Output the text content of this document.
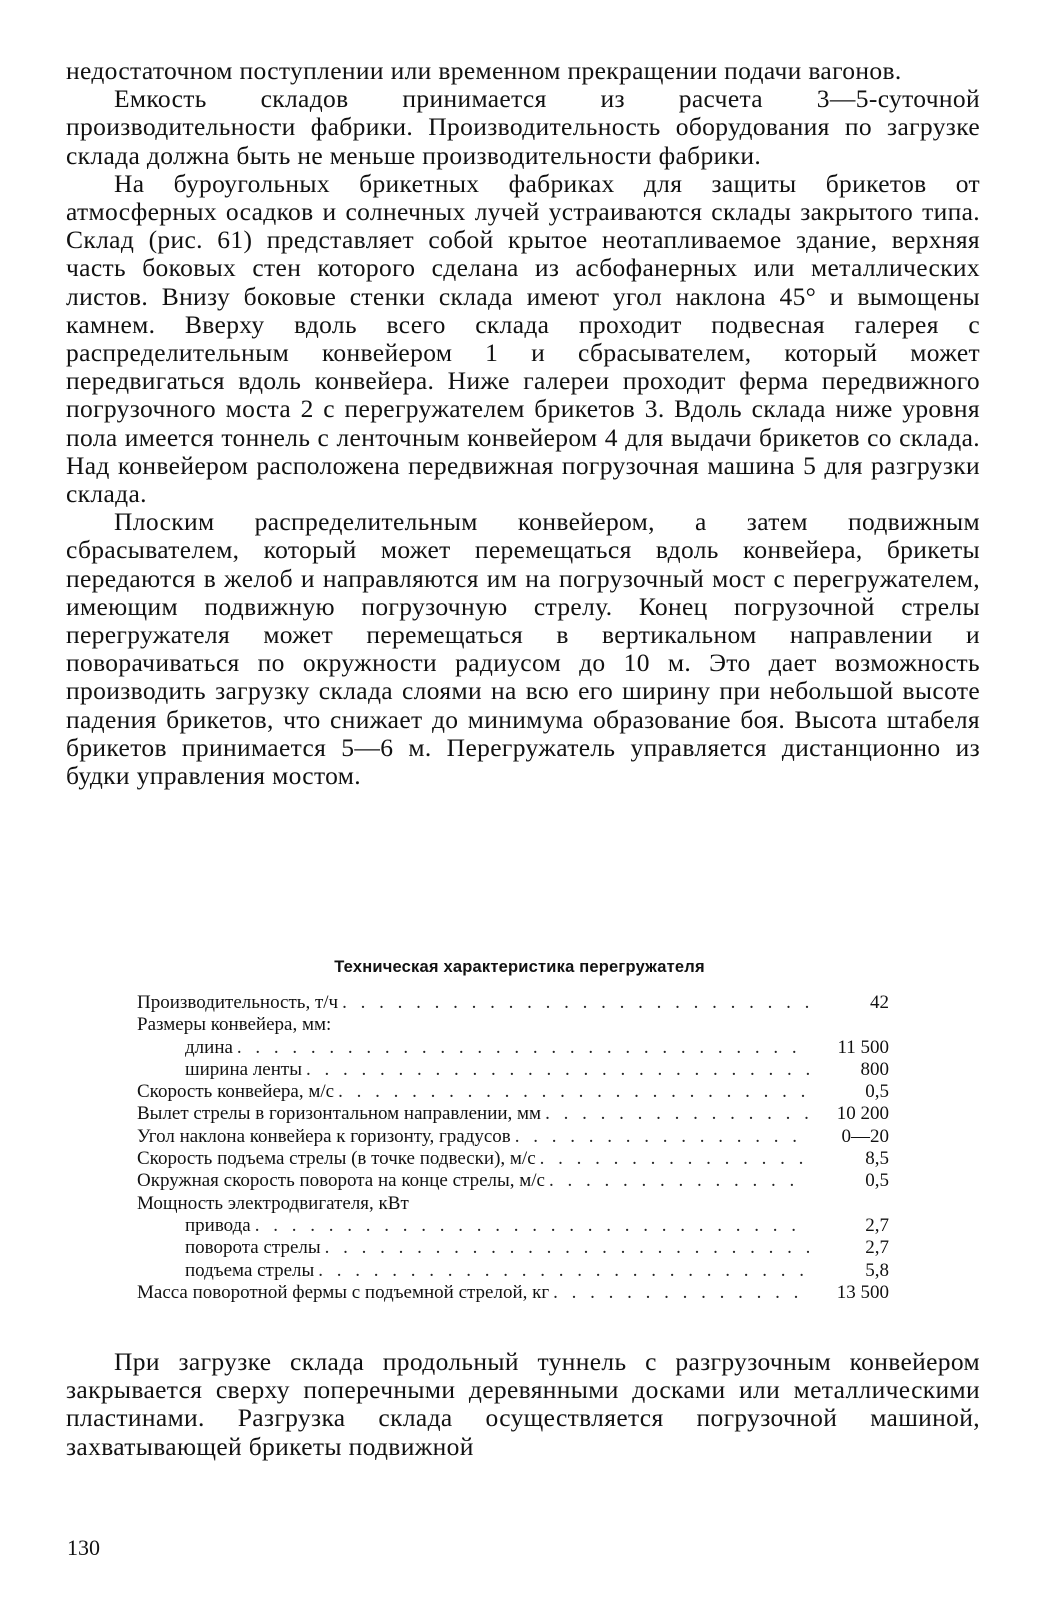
недостаточном поступлении или временном прекращении подачи вагонов.

Емкость складов принимается из расчета 3—5-суточной производительности фабрики. Производительность оборудования по загрузке склада должна быть не меньше производительности фабрики.

На буроугольных брикетных фабриках для защиты брикетов от атмосферных осадков и солнечных лучей устраиваются склады закрытого типа. Склад (рис. 61) представляет собой крытое неотапливаемое здание, верхняя часть боковых стен которого сделана из асбофанерных или металлических листов. Внизу боковые стенки склада имеют угол наклона 45° и вымощены камнем. Вверху вдоль всего склада проходит подвесная галерея с распределительным конвейером 1 и сбрасывателем, который может передвигаться вдоль конвейера. Ниже галереи проходит ферма передвижного погрузочного моста 2 с перегружателем брикетов 3. Вдоль склада ниже уровня пола имеется тоннель с ленточным конвейером 4 для выдачи брикетов со склада. Над конвейером расположена передвижная погрузочная машина 5 для разгрузки склада.

Плоским распределительным конвейером, а затем подвижным сбрасывателем, который может перемещаться вдоль конвейера, брикеты передаются в желоб и направляются им на погрузочный мост с перегружателем, имеющим подвижную погрузочную стрелу. Конец погрузочной стрелы перегружателя может перемещаться в вертикальном направлении и поворачиваться по окружности радиусом до 10 м. Это дает возможность производить загрузку склада слоями на всю его ширину при небольшой высоте падения брикетов, что снижает до минимума образование боя. Высота штабеля брикетов принимается 5—6 м. Перегружатель управляется дистанционно из будки управления мостом.

Техническая характеристика перегружателя
Производительность, т/ч . . .	42
Размеры конвейера, мм:
длина . . .	11 500
ширина ленты . . .	800
Скорость конвейера, м/с . . .	0,5
Вылет стрелы в горизонтальном направлении, мм . . .	10 200
Угол наклона конвейера к горизонту, градусов . . .	0—20
Скорость подъема стрелы (в точке подвески), м/с . . .	8,5
Окружная скорость поворота на конце стрелы, м/с . . .	0,5
Мощность электродвигателя, кВт
привода . . .	2,7
поворота стрелы . . .	2,7
подъема стрелы . . .	5,8
Масса поворотной фермы с подъемной стрелой, кг . . .	13 500

При загрузке склада продольный туннель с разгрузочным конвейером закрывается сверху поперечными деревянными досками или металлическими пластинами. Разгрузка склада осуществляется погрузочной машиной, захватывающей брикеты подвижной

130
